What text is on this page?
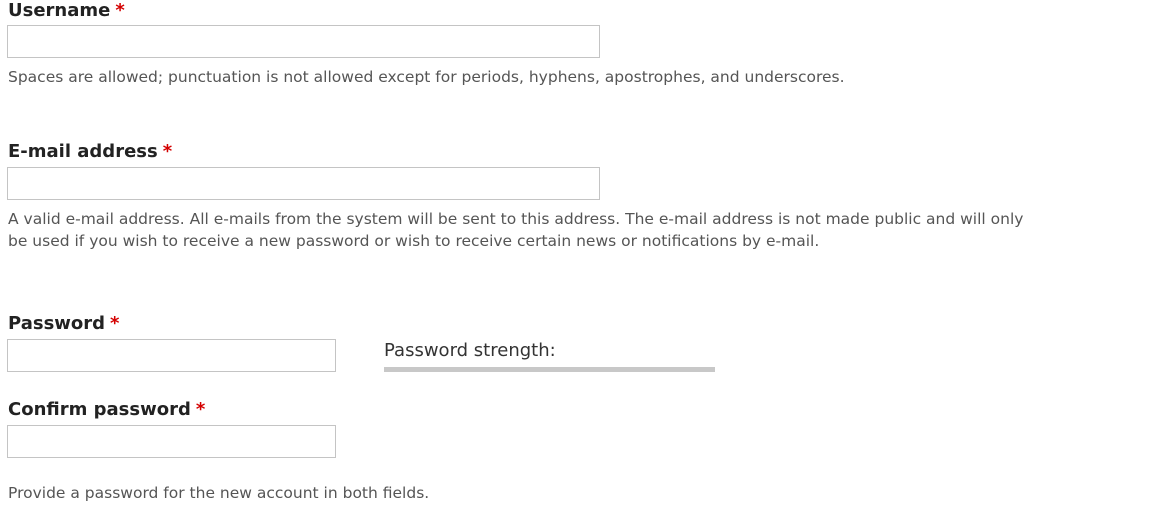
Username *
Spaces are allowed; punctuation is not allowed except for periods, hyphens, apostrophes, and underscores.
E-mail address *
A valid e-mail address. All e-mails from the system will be sent to this address. The e-mail address is not made public and will only
be used if you wish to receive a new password or wish to receive certain news or notifications by e-mail.
Password *
Password strength:
Confirm password *
Provide a password for the new account in both fields.
